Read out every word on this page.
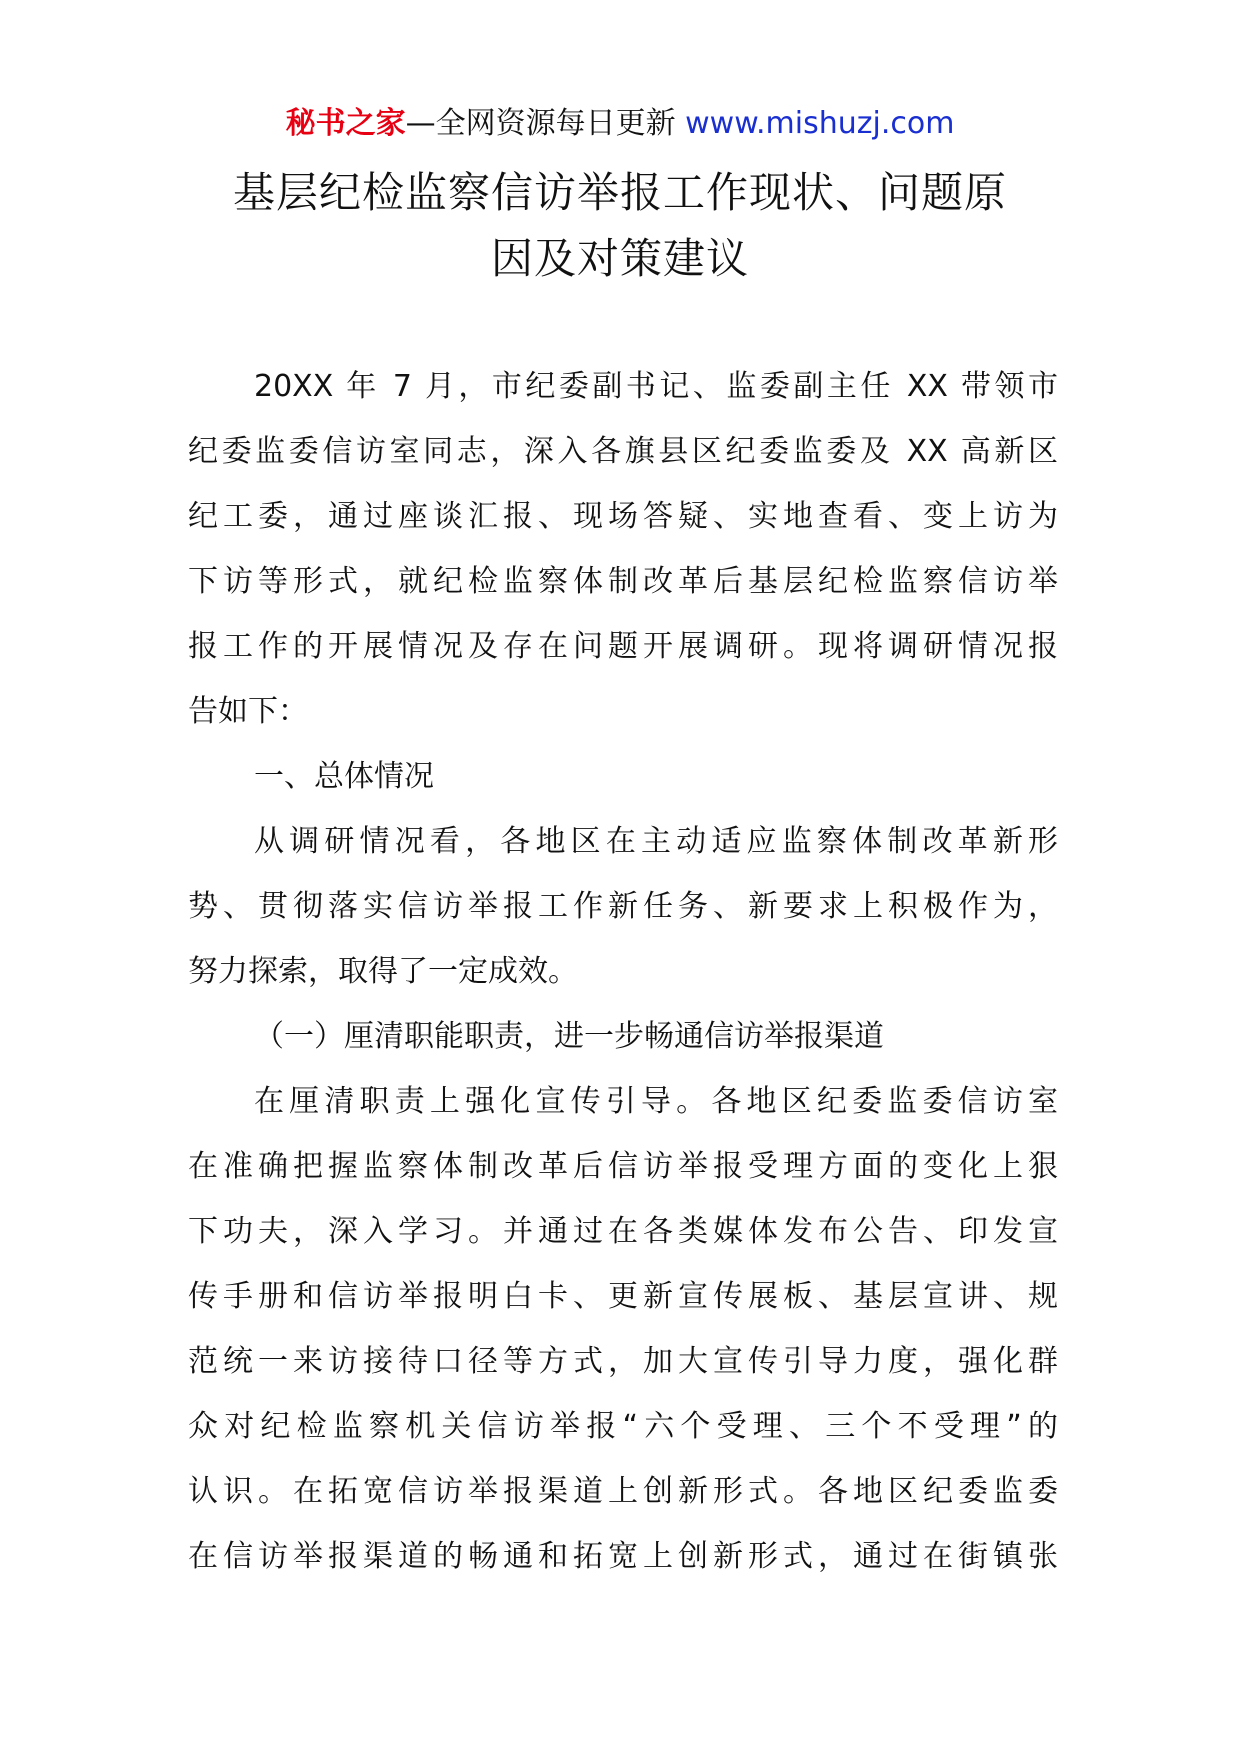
秘书之家—全网资源每日更新 www.mishuzj.com
基层纪检监察信访举报工作现状、问题原
因及对策建议
20XX 年 7 月，市纪委副书记、监委副主任 XX 带领市
纪委监委信访室同志，深入各旗县区纪委监委及 XX 高新区
纪工委，通过座谈汇报、现场答疑、实地查看、变上访为
下访等形式，就纪检监察体制改革后基层纪检监察信访举
报工作的开展情况及存在问题开展调研。现将调研情况报
告如下：
一、总体情况
从调研情况看，各地区在主动适应监察体制改革新形
势、贯彻落实信访举报工作新任务、新要求上积极作为，
努力探索，取得了一定成效。
（一）厘清职能职责，进一步畅通信访举报渠道
在厘清职责上强化宣传引导。各地区纪委监委信访室
在准确把握监察体制改革后信访举报受理方面的变化上狠
下功夫，深入学习。并通过在各类媒体发布公告、印发宣
传手册和信访举报明白卡、更新宣传展板、基层宣讲、规
范统一来访接待口径等方式，加大宣传引导力度，强化群
众对纪检监察机关信访举报“六个受理、三个不受理”的
认识。在拓宽信访举报渠道上创新形式。各地区纪委监委
在信访举报渠道的畅通和拓宽上创新形式，通过在街镇张
